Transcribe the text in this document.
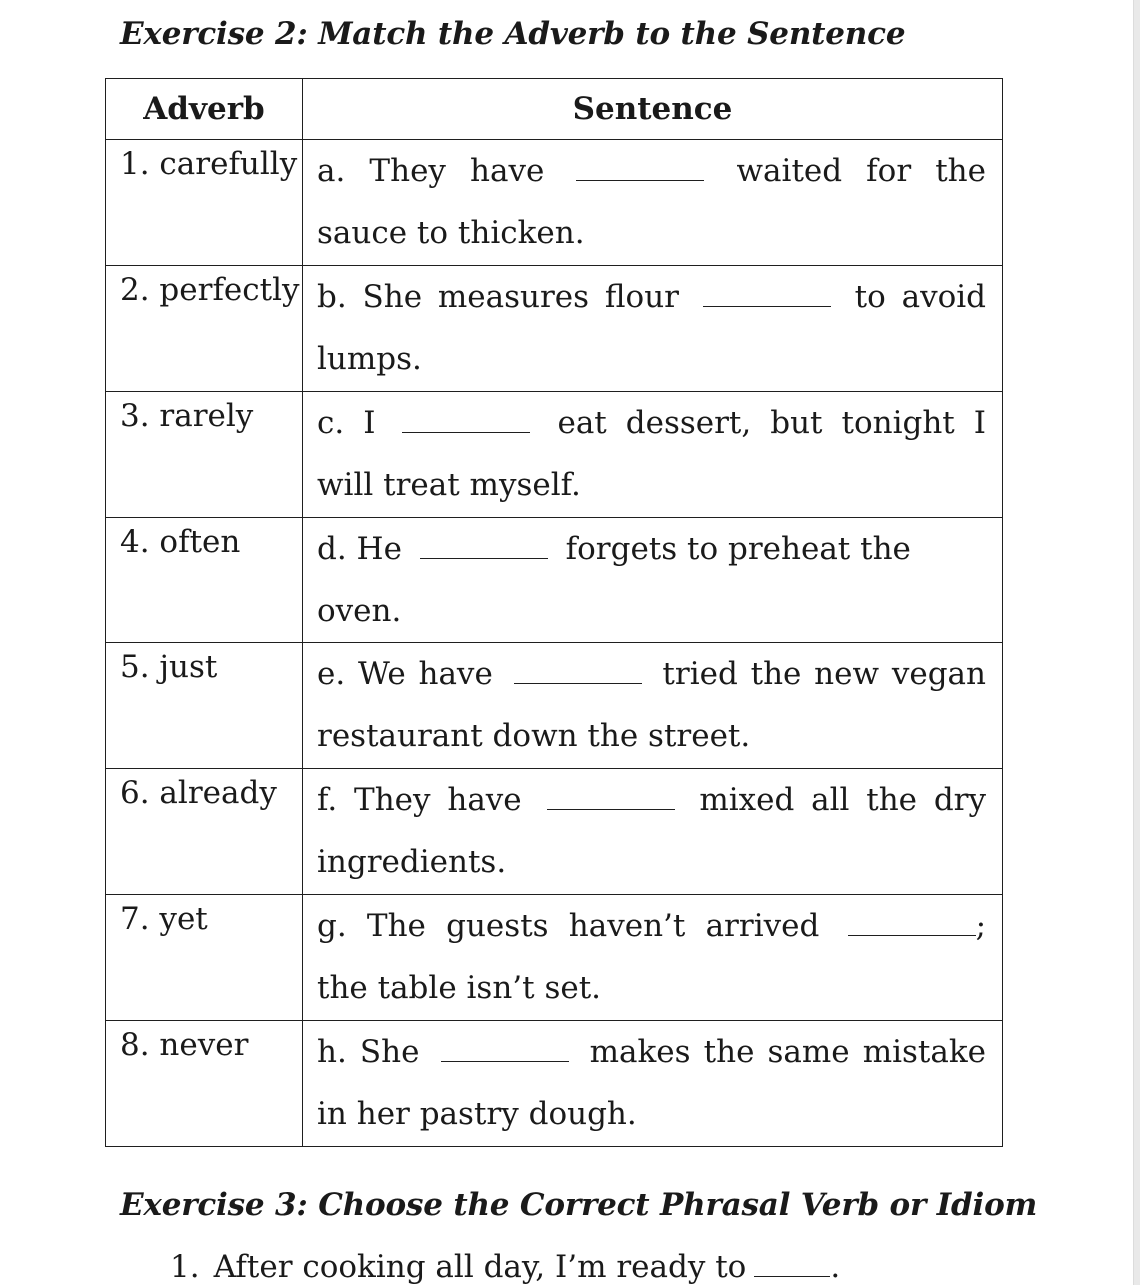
Exercise 2: Match the Adverb to the Sentence
Adverb	Sentence
1. carefully	a. They have waited for the sauce to thicken.

2. perfectly	b. She measures flour to avoid lumps.

3. rarely	c. I eat dessert, but tonight I will treat myself.

4. often	d. He forgets to preheat the oven.

5. just	e. We have tried the new vegan restaurant down the street.

6. already	f. They have mixed all the dry ingredients.

7. yet	g. The guests haven’t arrived ; the table isn’t set.

8. never	h. She makes the same mistake in her pastry dough.
Exercise 3: Choose the Correct Phrasal Verb or Idiom
1. After cooking all day, I’m ready to	.
